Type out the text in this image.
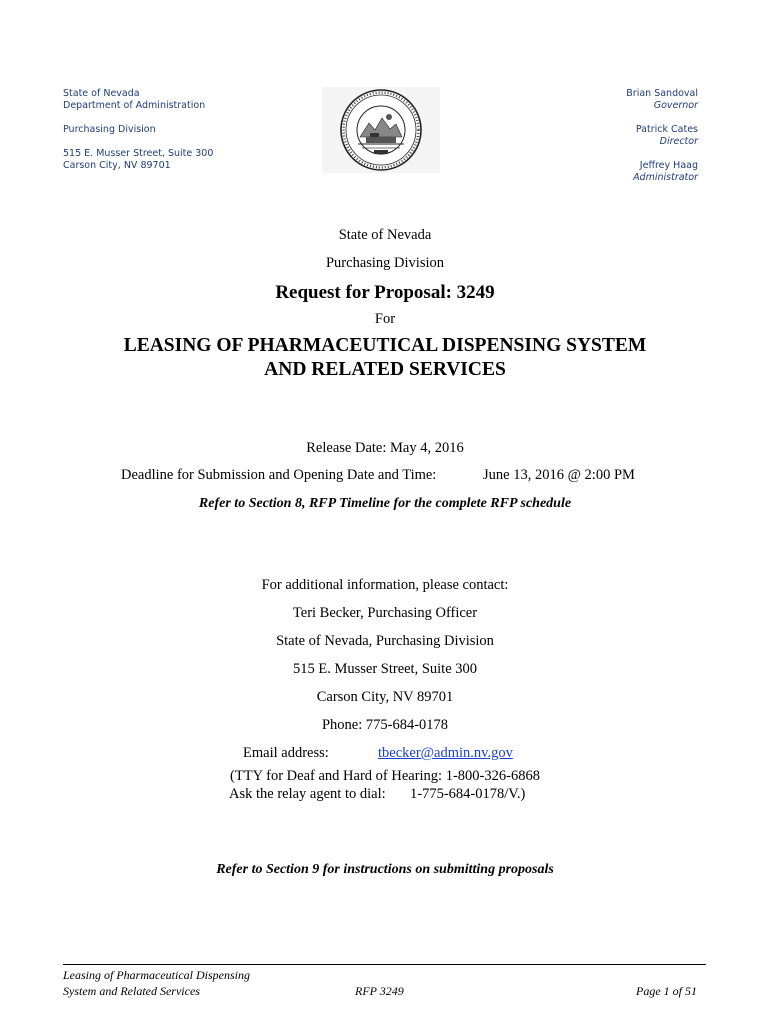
State of Nevada
Department of Administration
Purchasing Division
515 E. Musser Street, Suite 300
Carson City, NV 89701
Brian Sandoval
Governor
Patrick Cates
Director
Jeffrey Haag
Administrator
State of Nevada
Purchasing Division
Request for Proposal: 3249
For
LEASING OF PHARMACEUTICAL DISPENSING SYSTEM
AND RELATED SERVICES
Release Date: May 4, 2016
Deadline for Submission and Opening Date and Time:	June 13, 2016 @ 2:00 PM
Refer to Section 8, RFP Timeline for the complete RFP schedule
For additional information, please contact:
Teri Becker, Purchasing Officer
State of Nevada, Purchasing Division
515 E. Musser Street, Suite 300
Carson City, NV 89701
Phone: 775-684-0178
Email address:	tbecker@admin.nv.gov
(TTY for Deaf and Hard of Hearing: 1-800-326-6868
Ask the relay agent to dial: 1-775-684-0178/V.)
Refer to Section 9 for instructions on submitting proposals
Leasing of Pharmaceutical Dispensing
System and Related Services	RFP 3249	Page 1 of 51
